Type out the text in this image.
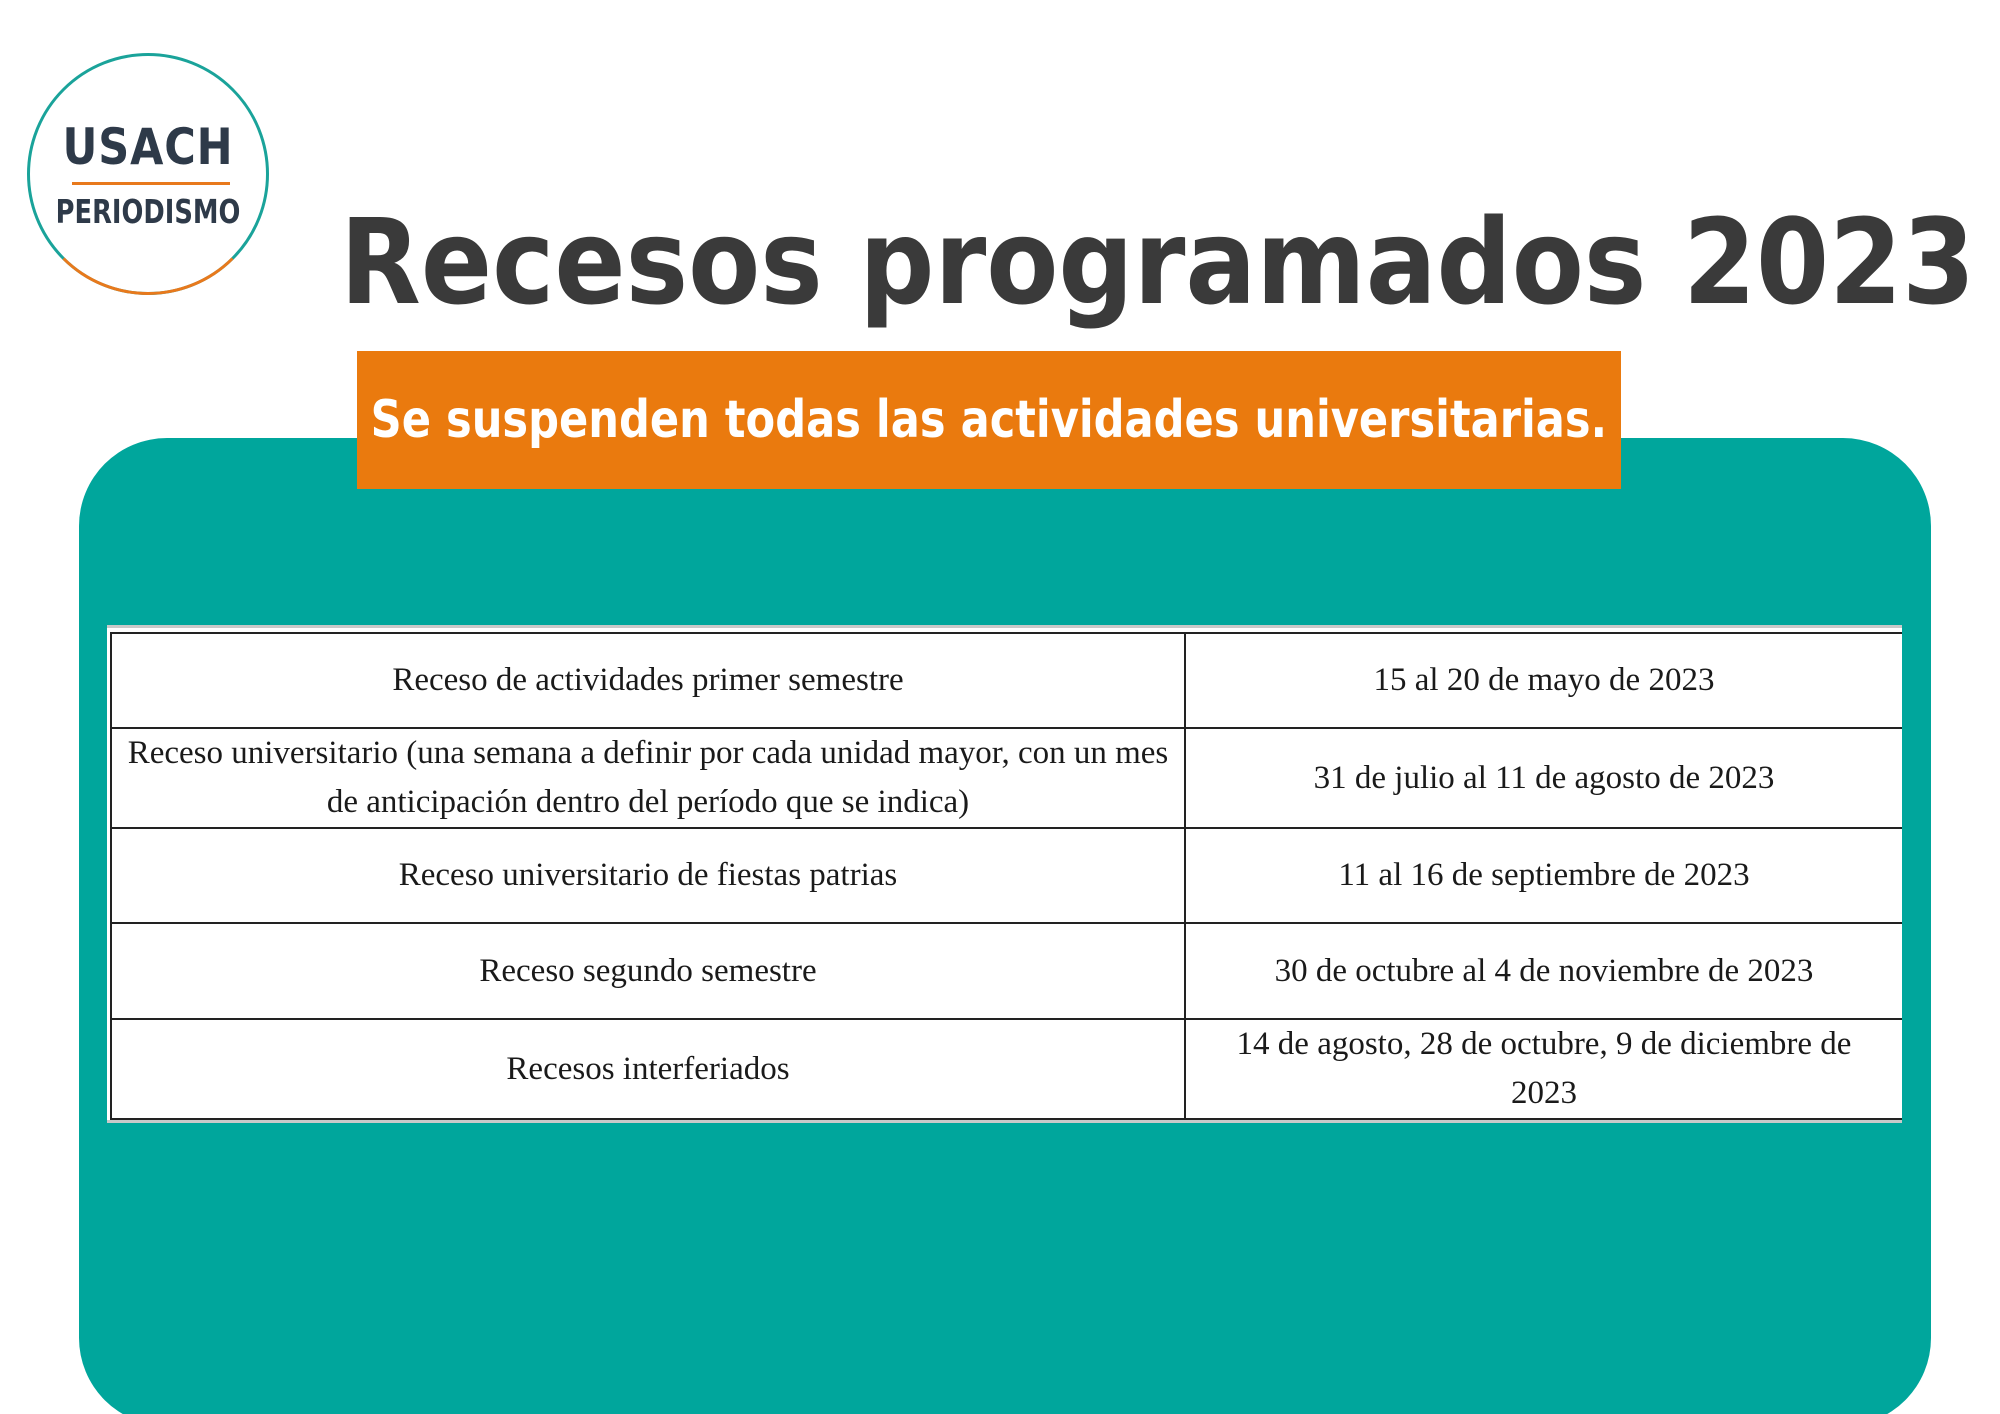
USACH
PERIODISMO Recesos programados 2023
Se suspenden todas las actividades universitarias.
Receso de actividades primer semestre	15 al 20 de mayo de 2023
Receso universitario (una semana a definir por cada unidad mayor, con un mes de anticipación dentro del período que se indica)	31 de julio al 11 de agosto de 2023
Receso universitario de fiestas patrias	11 al 16 de septiembre de 2023
Receso segundo semestre	30 de octubre al 4 de noviembre de 2023
Recesos interferiados	14 de agosto, 28 de octubre, 9 de diciembre de 2023
